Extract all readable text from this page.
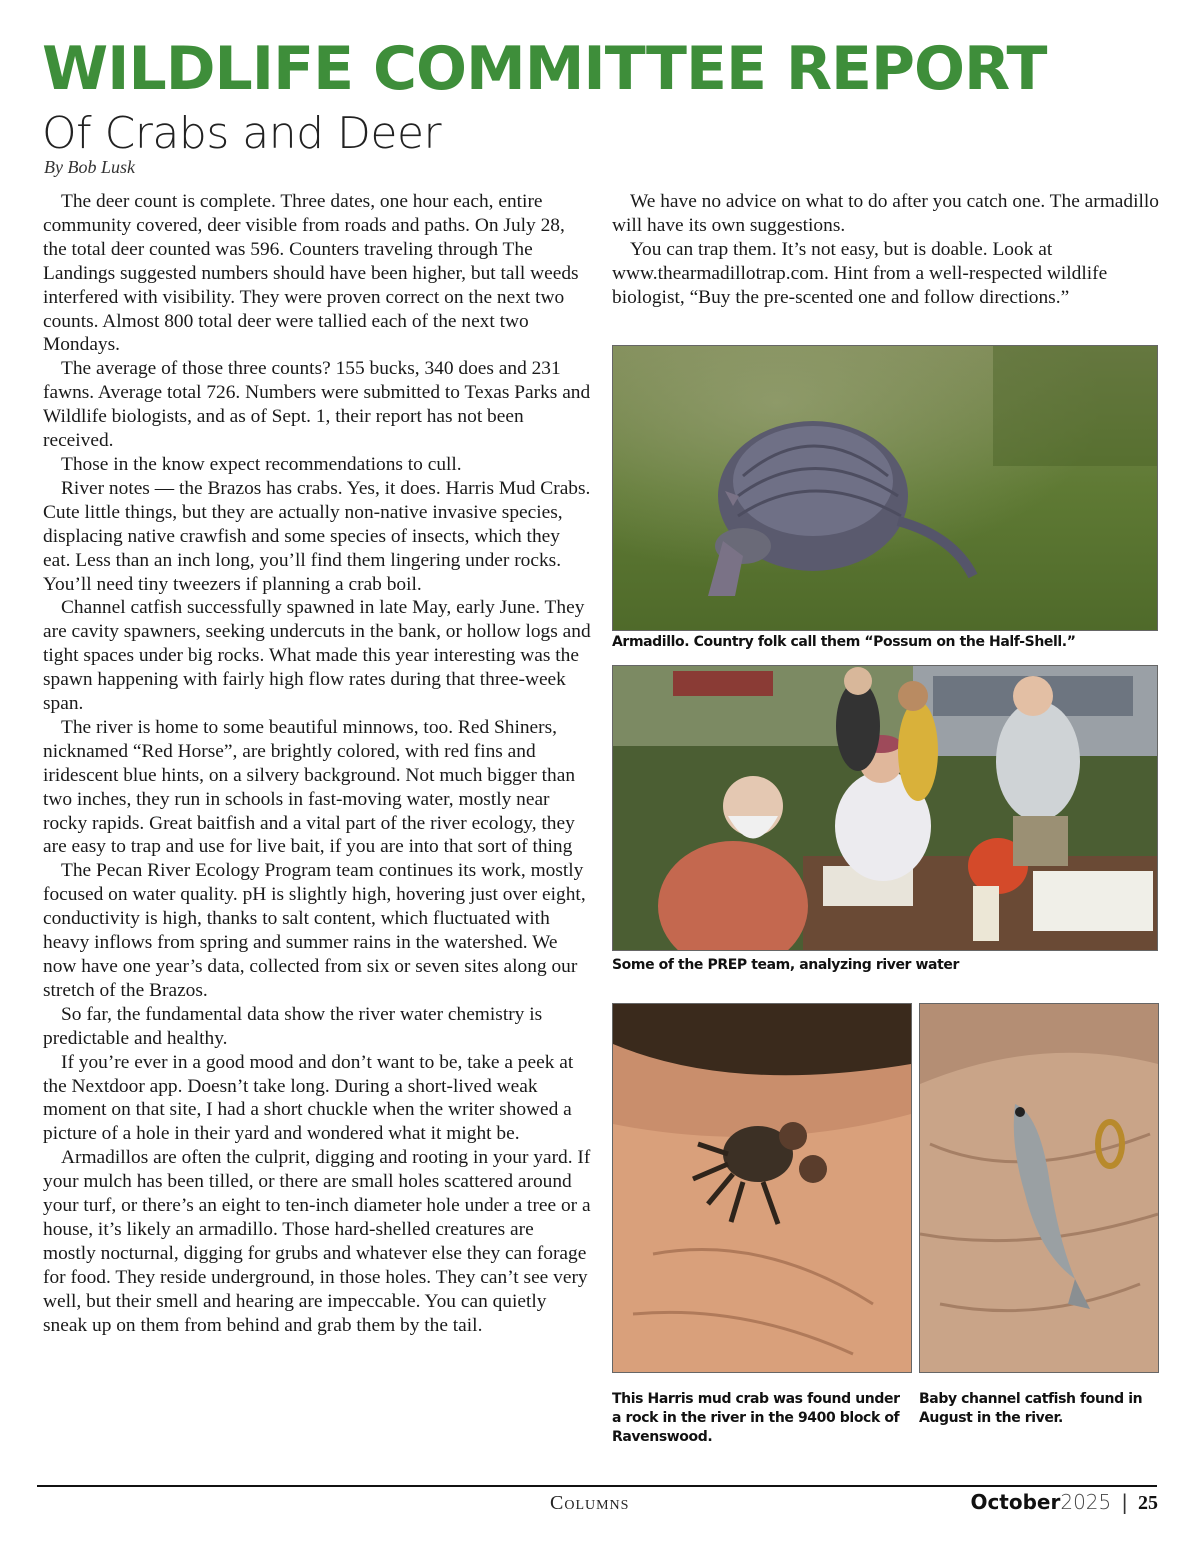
WILDLIFE COMMITTEE REPORT
Of Crabs and Deer
By Bob Lusk

The deer count is complete. Three dates, one hour each, entire community covered, deer visible from roads and paths. On July 28, the total deer counted was 596. Counters traveling through The Landings suggested numbers should have been higher, but tall weeds interfered with visibility. They were proven correct on the next two counts. Almost 800 total deer were tallied each of the next two Mondays.

The average of those three counts? 155 bucks, 340 does and 231 fawns. Average total 726. Numbers were submitted to Texas Parks and Wildlife biologists, and as of Sept. 1, their report has not been received.

Those in the know expect recommendations to cull.

River notes — the Brazos has crabs. Yes, it does. Harris Mud Crabs. Cute little things, but they are actually non-native invasive species, displacing native crawfish and some species of insects, which they eat. Less than an inch long, you’ll find them lingering under rocks. You’ll need tiny tweezers if planning a crab boil.

Channel catfish successfully spawned in late May, early June. They are cavity spawners, seeking undercuts in the bank, or hollow logs and tight spaces under big rocks. What made this year interesting was the spawn happening with fairly high flow rates during that three-week span.

The river is home to some beautiful minnows, too. Red Shiners, nicknamed “Red Horse”, are brightly colored, with red fins and iridescent blue hints, on a silvery background. Not much bigger than two inches, they run in schools in fast-moving water, mostly near rocky rapids. Great baitfish and a vital part of the river ecology, they are easy to trap and use for live bait, if you are into that sort of thing

The Pecan River Ecology Program team continues its work, mostly focused on water quality. pH is slightly high, hovering just over eight, conductivity is high, thanks to salt content, which fluctuated with heavy inflows from spring and summer rains in the watershed. We now have one year’s data, collected from six or seven sites along our stretch of the Brazos.

So far, the fundamental data show the river water chemistry is predictable and healthy.

If you’re ever in a good mood and don’t want to be, take a peek at the Nextdoor app. Doesn’t take long. During a short-lived weak moment on that site, I had a short chuckle when the writer showed a picture of a hole in their yard and wondered what it might be.

Armadillos are often the culprit, digging and rooting in your yard. If your mulch has been tilled, or there are small holes scattered around your turf, or there’s an eight to ten-inch diameter hole under a tree or a house, it’s likely an armadillo. Those hard-shelled creatures are mostly nocturnal, digging for grubs and whatever else they can forage for food. They reside underground, in those holes. They can’t see very well, but their smell and hearing are impeccable. You can quietly sneak up on them from behind and grab them by the tail.

We have no advice on what to do after you catch one. The armadillo will have its own suggestions.

You can trap them. It’s not easy, but is doable. Look at www.thearmadillotrap.com. Hint from a well-respected wildlife biologist, “Buy the pre-scented one and follow directions.”

Armadillo. Country folk call them “Possum on the Half-Shell.”
Some of the PREP team, analyzing river water
This Harris mud crab was found under a rock in the river in the 9400 block of Ravenswood.
Baby channel catfish found in August in the river.
Columns	October2025 | 25
